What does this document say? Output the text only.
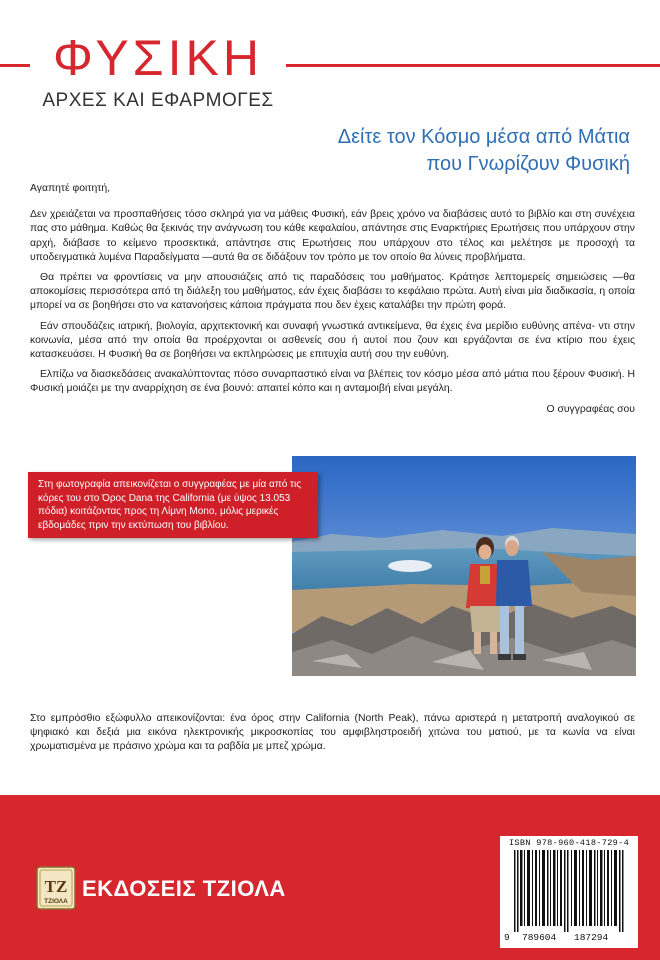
ΦΥΣΙΚΗ
ΑΡΧΕΣ ΚΑΙ ΕΦΑΡΜΟΓΕΣ
Δείτε τον Κόσμο μέσα από Μάτια
που Γνωρίζουν Φυσική

Αγαπητέ φοιτητή,

Δεν χρειάζεται να προσπαθήσεις τόσο σκληρά για να μάθεις Φυσική, εάν βρεις χρόνο να διαβάσεις αυτό το βιβλίο και στη συνέχεια πας στο μάθημα. Καθώς θα ξεκινάς την ανάγνωση του κάθε κεφαλαίου, απάντησε στις Εναρκτήριες Ερωτήσεις που υπάρχουν στην αρχή, διάβασε το κείμενο προσεκτικά, απάντησε στις Ερωτήσεις που υπάρχουν στο τέλος και μελέτησε με προσοχή τα υποδειγματικά λυμένα Παραδείγματα —αυτά θα σε διδάξουν τον τρόπο με τον οποίο θα λύνεις προβλήματα.

Θα πρέπει να φροντίσεις να μην απουσιάζεις από τις παραδόσεις του μαθήματος. Κράτησε λεπτομερείς σημειώσεις —θα αποκομίσεις περισσότερα από τη διάλεξη του μαθήματος, εάν έχεις διαβάσει το κεφάλαιο πρώτα. Αυτή είναι μία διαδικασία, η οποία μπορεί να σε βοηθήσει στο να κατανοήσεις κάποια πράγματα που δεν έχεις καταλάβει την πρώτη φορά.

Εάν σπουδάζεις ιατρική, βιολογία, αρχιτεκτονική και συναφή γνωστικά αντικείμενα, θα έχεις ένα μερίδιο ευθύνης απένα- ντι στην κοινωνία, μέσα από την οποία θα προέρχονται οι ασθενείς σου ή αυτοί που ζουν και εργάζονται σε ένα κτίριο που έχεις κατασκευάσει. Η Φυσική θα σε βοηθήσει να εκπληρώσεις με επιτυχία αυτή σου την ευθύνη.

Ελπίζω να διασκεδάσεις ανακαλύπτοντας πόσο συναρπαστικό είναι να βλέπεις τον κόσμο μέσα από μάτια που ξέρουν Φυσική. Η Φυσική μοιάζει με την αναρρίχηση σε ένα βουνό: απαιτεί κόπο και η ανταμοιβή είναι μεγάλη.

Ο συγγραφέας σου

Στη φωτογραφία απεικονίζεται ο συγγραφέας με μία από τις κόρες του στο Όρος Dana της California (με ύψος 13.053 πόδια) κοιτάζοντας προς τη Λίμνη Mono, μόλις μερικές εβδομάδες πριν την εκτύπωση του βιβλίου.
Στο εμπρόσθιο εξώφυλλο απεικονίζονται: ένα όρος στην California (North Peak), πάνω αριστερά η μετατροπή αναλογικού σε ψηφιακό και δεξιά μια εικόνα ηλεκτρονικής μικροσκοπίας του αμφιβληστροειδή χιτώνα του ματιού, με τα κωνία να είναι χρωματισμένα με πράσινο χρώμα και τα ραβδία με μπεζ χρώμα.
ΤΖ
ΤΖΙΟΛΑ
ΕΚΔΟΣΕΙΣ ΤΖΙΟΛΑ
ISBN 978-960-418-729-4
9 789604 187294
